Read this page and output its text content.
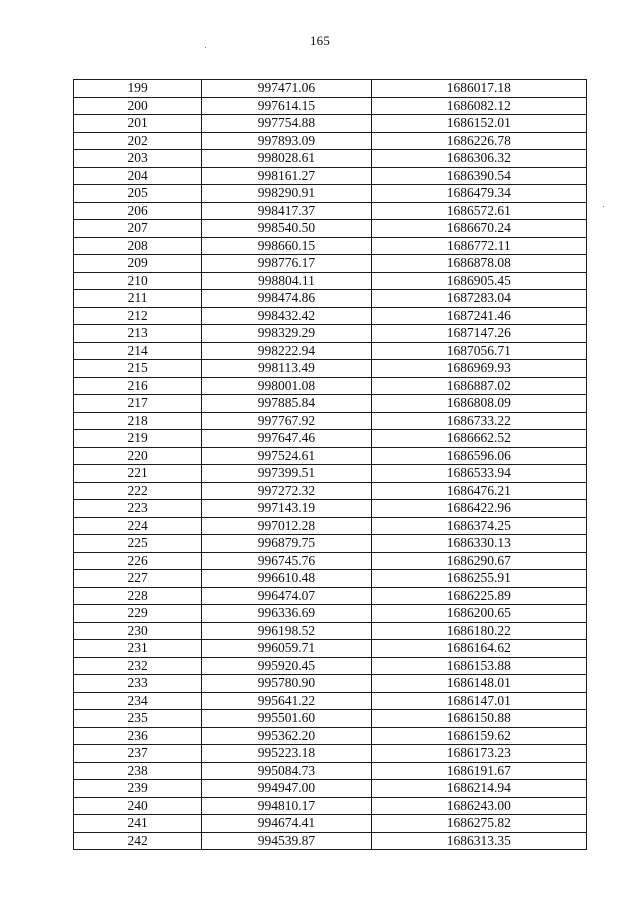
165
199	997471.06	1686017.18
200	997614.15	1686082.12
201	997754.88	1686152.01
202	997893.09	1686226.78
203	998028.61	1686306.32
204	998161.27	1686390.54
205	998290.91	1686479.34
206	998417.37	1686572.61
207	998540.50	1686670.24
208	998660.15	1686772.11
209	998776.17	1686878.08
210	998804.11	1686905.45
211	998474.86	1687283.04
212	998432.42	1687241.46
213	998329.29	1687147.26
214	998222.94	1687056.71
215	998113.49	1686969.93
216	998001.08	1686887.02
217	997885.84	1686808.09
218	997767.92	1686733.22
219	997647.46	1686662.52
220	997524.61	1686596.06
221	997399.51	1686533.94
222	997272.32	1686476.21
223	997143.19	1686422.96
224	997012.28	1686374.25
225	996879.75	1686330.13
226	996745.76	1686290.67
227	996610.48	1686255.91
228	996474.07	1686225.89
229	996336.69	1686200.65
230	996198.52	1686180.22
231	996059.71	1686164.62
232	995920.45	1686153.88
233	995780.90	1686148.01
234	995641.22	1686147.01
235	995501.60	1686150.88
236	995362.20	1686159.62
237	995223.18	1686173.23
238	995084.73	1686191.67
239	994947.00	1686214.94
240	994810.17	1686243.00
241	994674.41	1686275.82
242	994539.87	1686313.35
